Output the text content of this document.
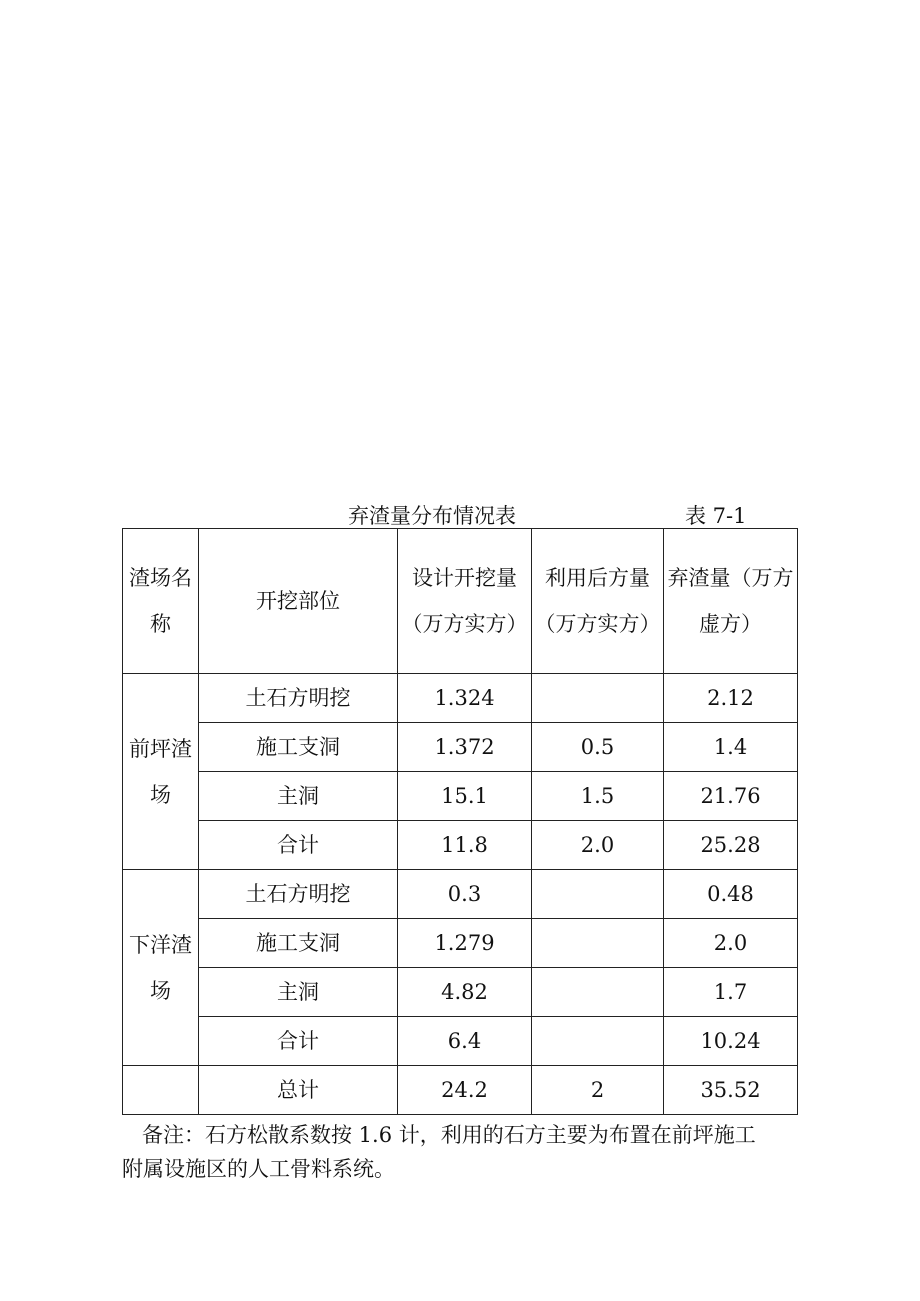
弃渣量分布情况表	表 7-1
渣场名称	开挖部位	设计开挖量（万方实方）	利用后方量（万方实方）	弃渣量（万方虚方）
前坪渣场	土石方明挖	1.324		2.12
	施工支洞	1.372	0.5	1.4
	主洞	15.1	1.5	21.76
	合计	11.8	2.0	25.28
下洋渣场	土石方明挖	0.3		0.48
	施工支洞	1.279		2.0
	主洞	4.82		1.7
	合计	6.4		10.24
	总计	24.2	2	35.52
备注：石方松散系数按 1.6 计，利用的石方主要为布置在前坪施工附属设施区的人工骨料系统。
